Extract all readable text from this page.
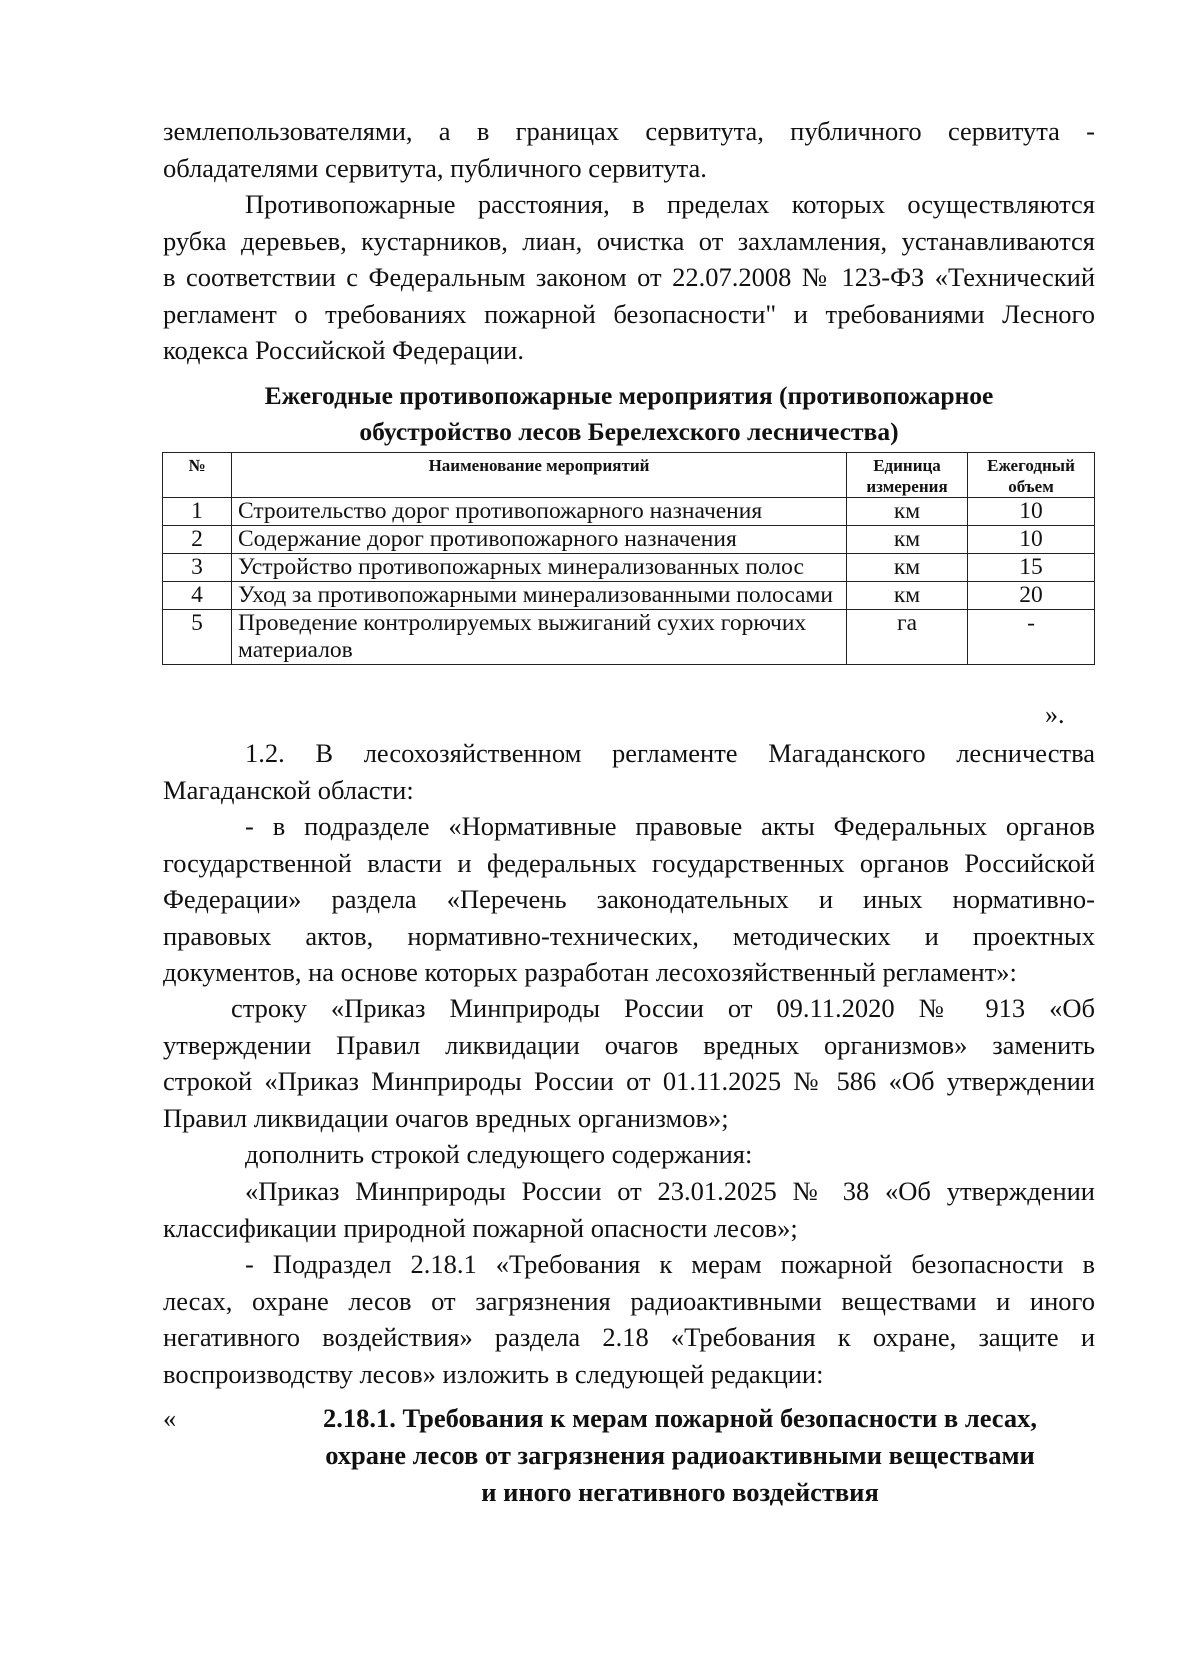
землепользователями, а в границах сервитута, публичного сервитута -
обладателями сервитута, публичного сервитута.
Противопожарные расстояния, в пределах которых осуществляются
рубка деревьев, кустарников, лиан, очистка от захламления, устанавливаются
в соответствии с Федеральным законом от 22.07.2008 № 123-ФЗ «Технический
регламент о требованиях пожарной безопасности" и требованиями Лесного
кодекса Российской Федерации.
Ежегодные противопожарные мероприятия (противопожарное
обустройство лесов Берелехского лесничества)
№	Наименование мероприятий	Единица измерения	Ежегодный объем
1	Строительство дорог противопожарного назначения	км	10
2	Содержание дорог противопожарного назначения	км	10
3	Устройство противопожарных минерализованных полос	км	15
4	Уход за противопожарными минерализованными полосами	км	20
5	Проведение контролируемых выжиганий сухих горючих материалов	га	-
».
1.2. В лесохозяйственном регламенте Магаданского лесничества
Магаданской области:
- в подразделе «Нормативные правовые акты Федеральных органов
государственной власти и федеральных государственных органов Российской
Федерации» раздела «Перечень законодательных и иных нормативно-
правовых актов, нормативно-технических, методических и проектных
документов, на основе которых разработан лесохозяйственный регламент»:
строку «Приказ Минприроды России от 09.11.2020 № 913 «Об
утверждении Правил ликвидации очагов вредных организмов» заменить
строкой «Приказ Минприроды России от 01.11.2025 № 586 «Об утверждении
Правил ликвидации очагов вредных организмов»;
дополнить строкой следующего содержания:
«Приказ Минприроды России от 23.01.2025 № 38 «Об утверждении
классификации природной пожарной опасности лесов»;
- Подраздел 2.18.1 «Требования к мерам пожарной безопасности в
лесах, охране лесов от загрязнения радиоактивными веществами и иного
негативного воздействия» раздела 2.18 «Требования к охране, защите и
воспроизводству лесов» изложить в следующей редакции:
«	2.18.1. Требования к мерам пожарной безопасности в лесах,
охране лесов от загрязнения радиоактивными веществами
и иного негативного воздействия
